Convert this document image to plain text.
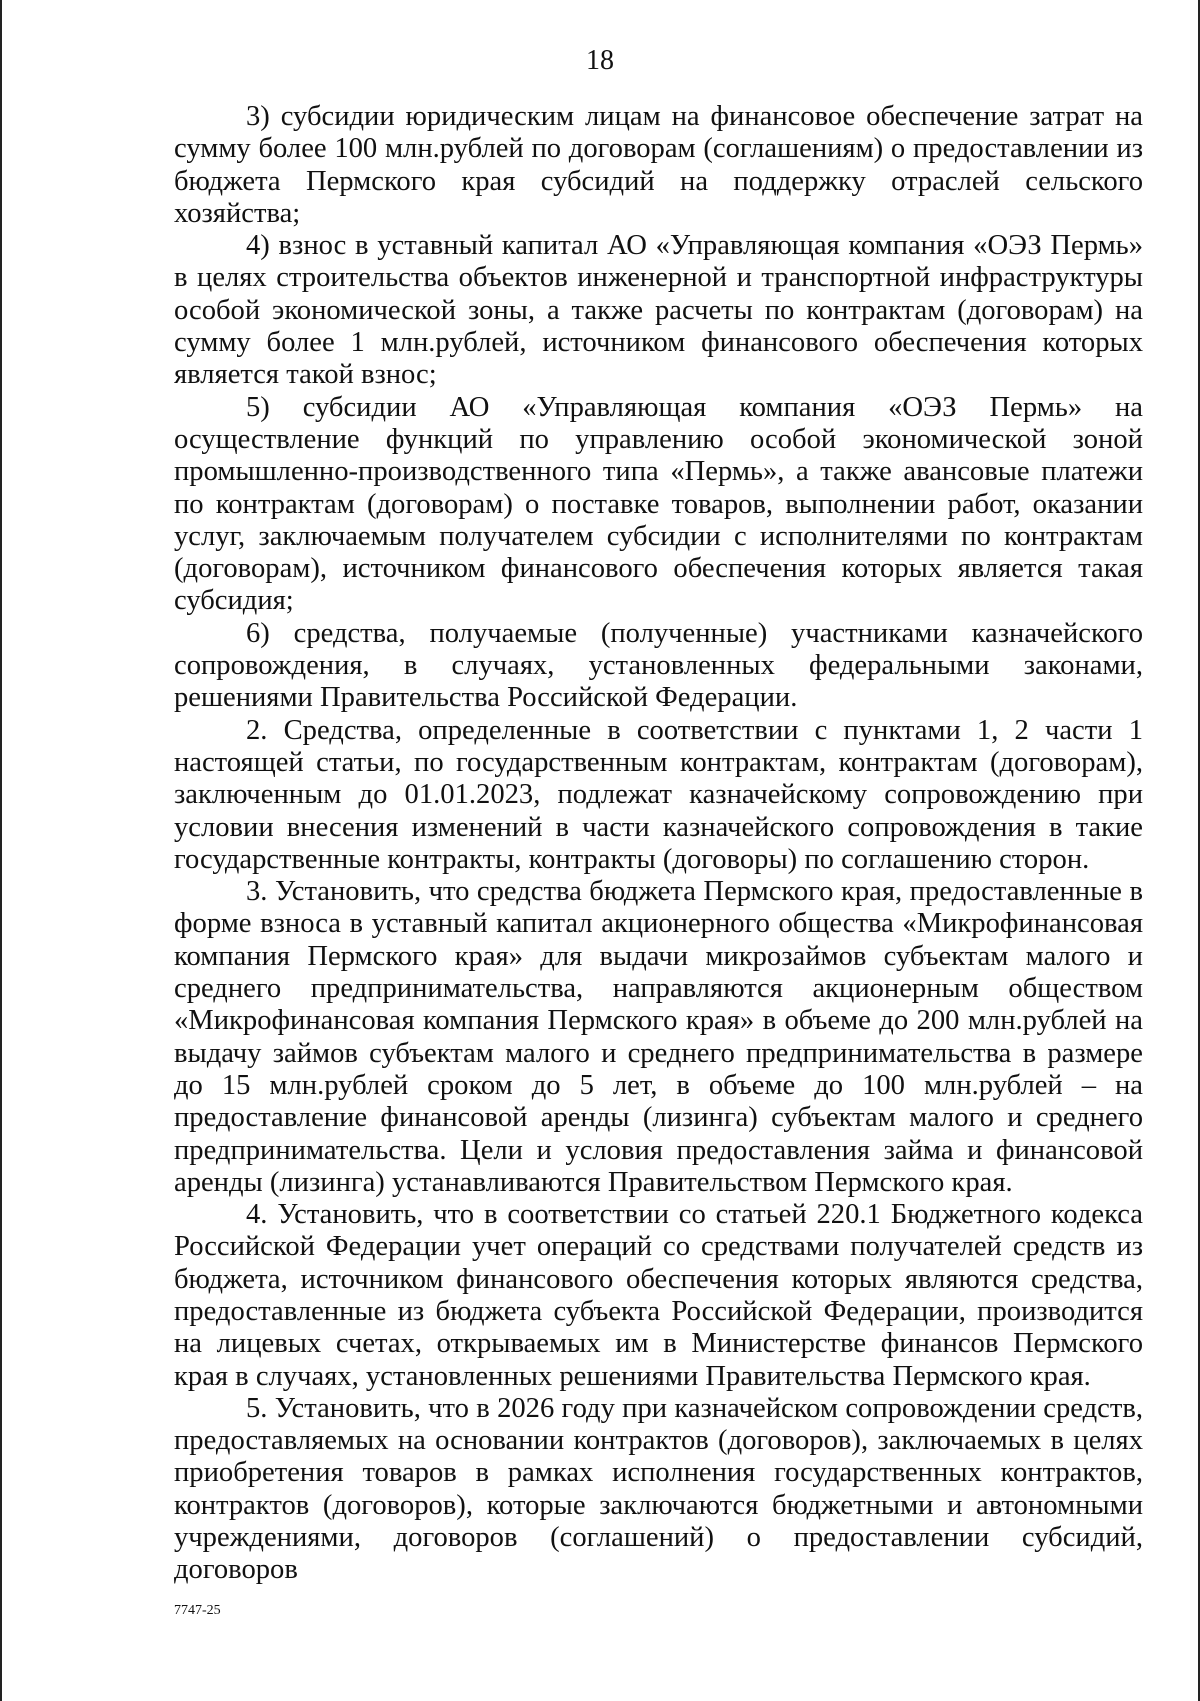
18

3) субсидии юридическим лицам на финансовое обеспечение затрат на сумму более 100 млн.рублей по договорам (соглашениям) о предоставлении из бюджета Пермского края субсидий на поддержку отраслей сельского хозяйства;

4) взнос в уставный капитал АО «Управляющая компания «ОЭЗ Пермь» в целях строительства объектов инженерной и транспортной инфраструктуры особой экономической зоны, а также расчеты по контрактам (договорам) на сумму более 1 млн.рублей, источником финансового обеспечения которых является такой взнос;

5) субсидии АО «Управляющая компания «ОЭЗ Пермь» на осуществление функций по управлению особой экономической зоной промышленно-производственного типа «Пермь», а также авансовые платежи по контрактам (договорам) о поставке товаров, выполнении работ, оказании услуг, заключаемым получателем субсидии с исполнителями по контрактам (договорам), источником финансового обеспечения которых является такая субсидия;

6) средства, получаемые (полученные) участниками казначейского сопровождения, в случаях, установленных федеральными законами, решениями Правительства Российской Федерации.

2. Средства, определенные в соответствии с пунктами 1, 2 части 1 настоящей статьи, по государственным контрактам, контрактам (договорам), заключенным до 01.01.2023, подлежат казначейскому сопровождению при условии внесения изменений в части казначейского сопровождения в такие государственные контракты, контракты (договоры) по соглашению сторон.

3. Установить, что средства бюджета Пермского края, предоставленные в форме взноса в уставный капитал акционерного общества «Микрофинансовая компания Пермского края» для выдачи микрозаймов субъектам малого и среднего предпринимательства, направляются акционерным обществом «Микрофинансовая компания Пермского края» в объеме до 200 млн.рублей на выдачу займов субъектам малого и среднего предпринимательства в размере до 15 млн.рублей сроком до 5 лет, в объеме до 100 млн.рублей – на предоставление финансовой аренды (лизинга) субъектам малого и среднего предпринимательства. Цели и условия предоставления займа и финансовой аренды (лизинга) устанавливаются Правительством Пермского края.

4. Установить, что в соответствии со статьей 220.1 Бюджетного кодекса Российской Федерации учет операций со средствами получателей средств из бюджета, источником финансового обеспечения которых являются средства, предоставленные из бюджета субъекта Российской Федерации, производится на лицевых счетах, открываемых им в Министерстве финансов Пермского края в случаях, установленных решениями Правительства Пермского края.

5. Установить, что в 2026 году при казначейском сопровождении средств, предоставляемых на основании контрактов (договоров), заключаемых в целях приобретения товаров в рамках исполнения государственных контрактов, контрактов (договоров), которые заключаются бюджетными и автономными учреждениями, договоров (соглашений) о предоставлении субсидий, договоров

7747-25
